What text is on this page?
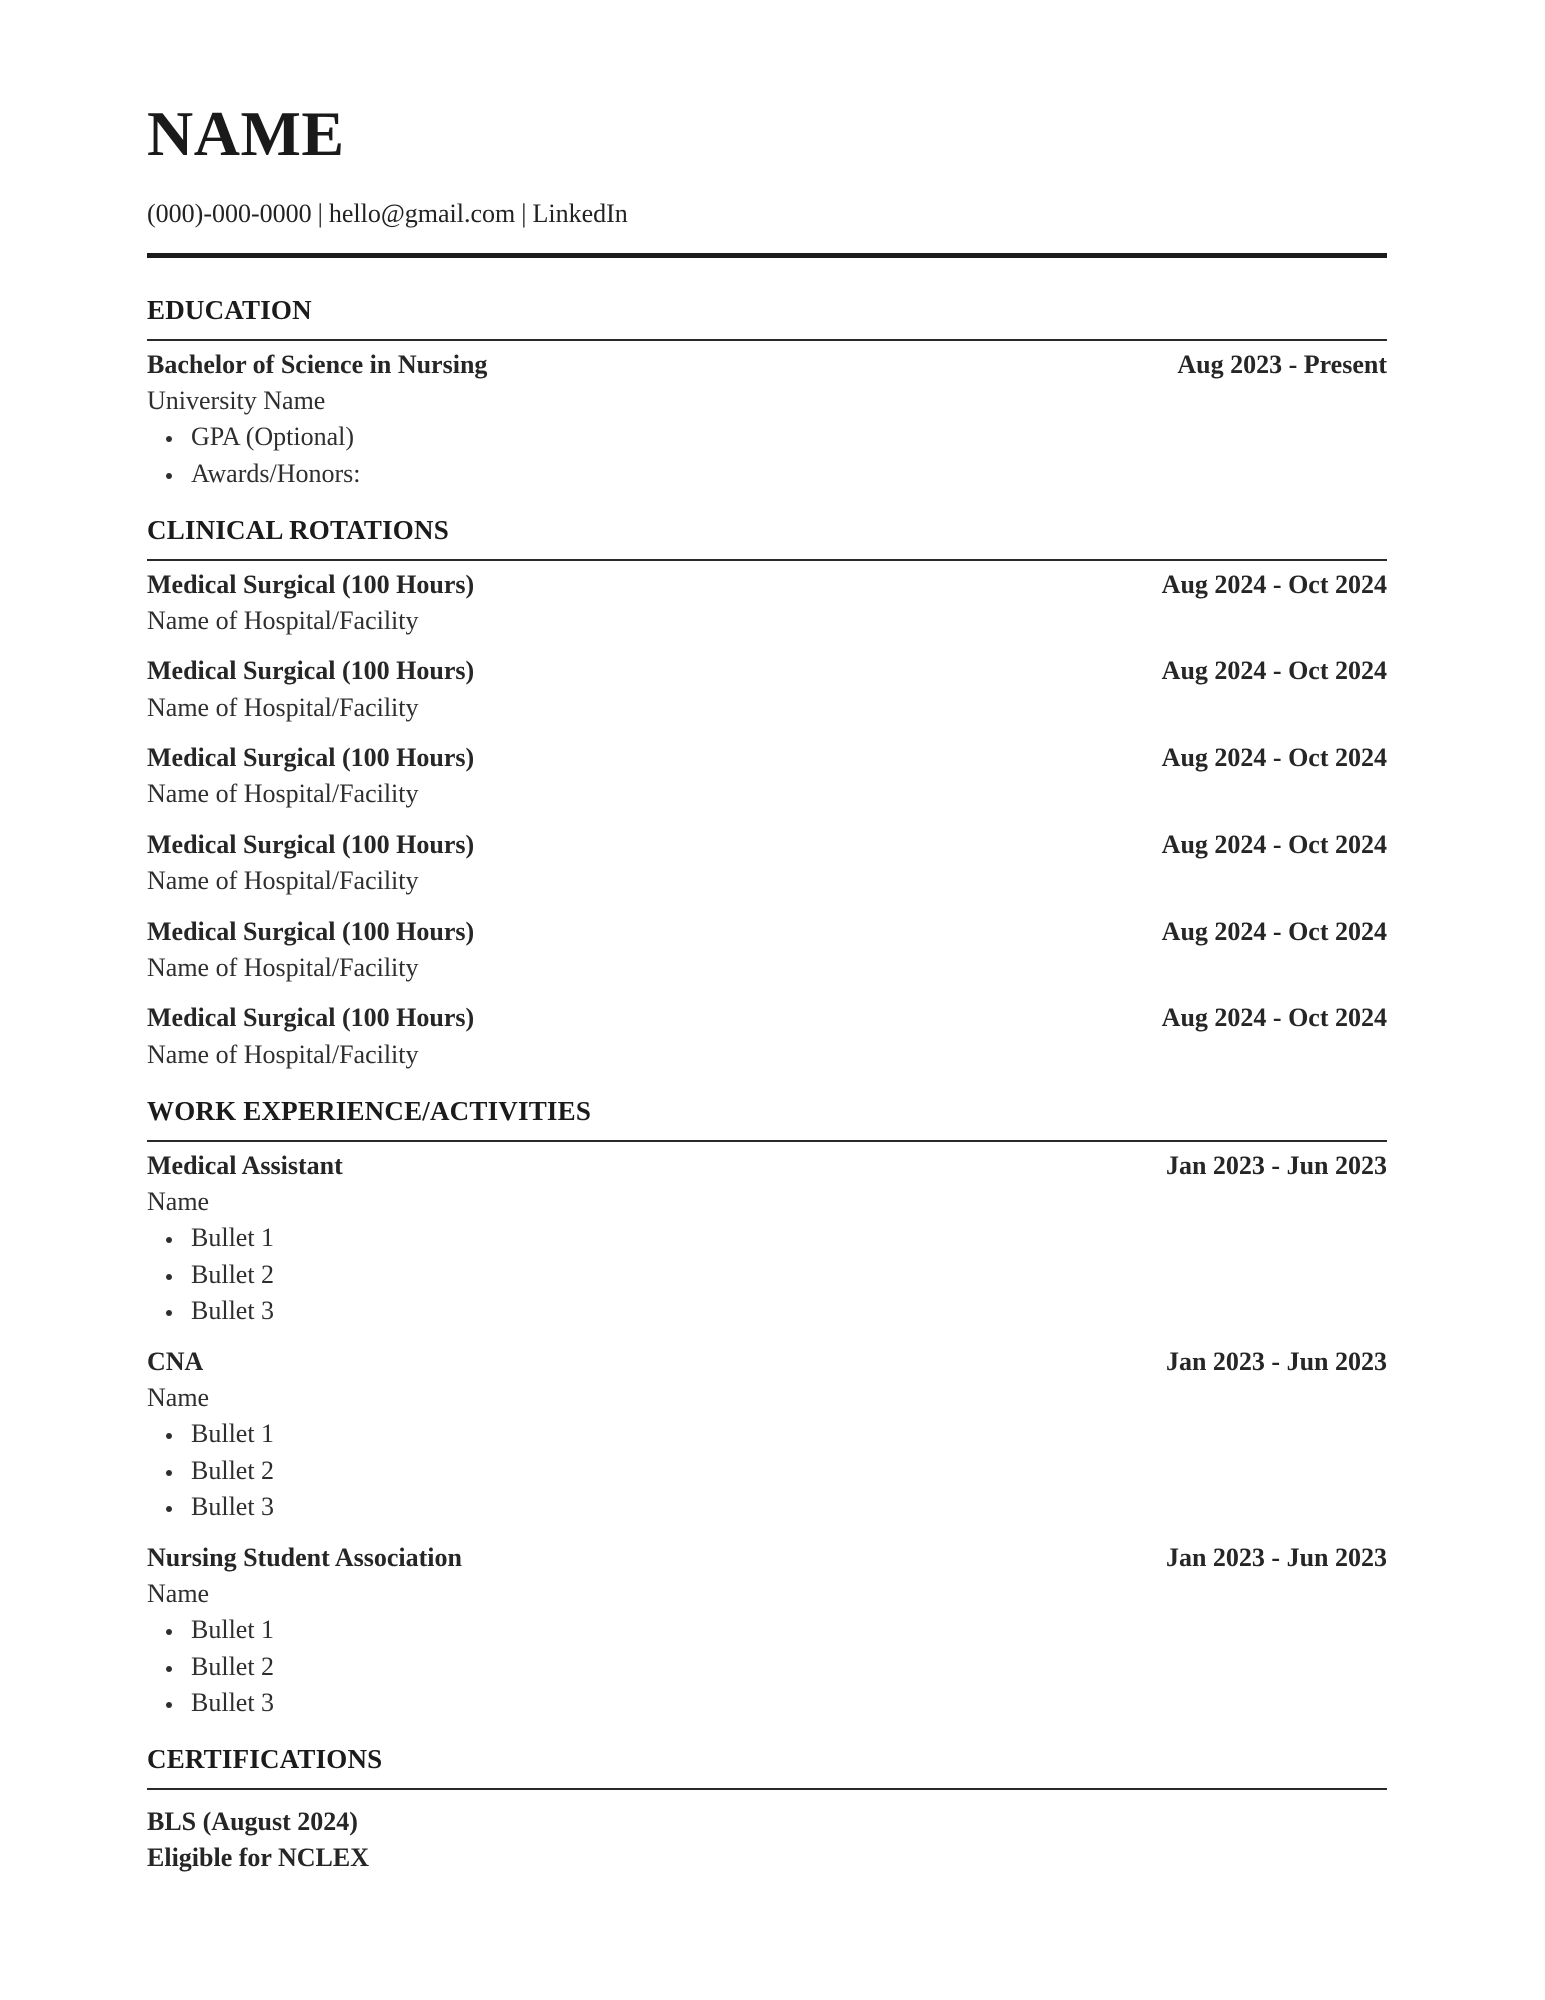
NAME
(000)-000-0000 | hello@gmail.com | LinkedIn
EDUCATION
Bachelor of Science in Nursing	Aug 2023 - Present
University Name
GPA (Optional)
Awards/Honors:
CLINICAL ROTATIONS
Medical Surgical (100 Hours)	Aug 2024 - Oct 2024
Name of Hospital/Facility
Medical Surgical (100 Hours)	Aug 2024 - Oct 2024
Name of Hospital/Facility
Medical Surgical (100 Hours)	Aug 2024 - Oct 2024
Name of Hospital/Facility
Medical Surgical (100 Hours)	Aug 2024 - Oct 2024
Name of Hospital/Facility
Medical Surgical (100 Hours)	Aug 2024 - Oct 2024
Name of Hospital/Facility
Medical Surgical (100 Hours)	Aug 2024 - Oct 2024
Name of Hospital/Facility
WORK EXPERIENCE/ACTIVITIES
Medical Assistant	Jan 2023 - Jun 2023
Name
Bullet 1
Bullet 2
Bullet 3
CNA	Jan 2023 - Jun 2023
Name
Bullet 1
Bullet 2
Bullet 3
Nursing Student Association	Jan 2023 - Jun 2023
Name
Bullet 1
Bullet 2
Bullet 3
CERTIFICATIONS
BLS (August 2024)
Eligible for NCLEX
